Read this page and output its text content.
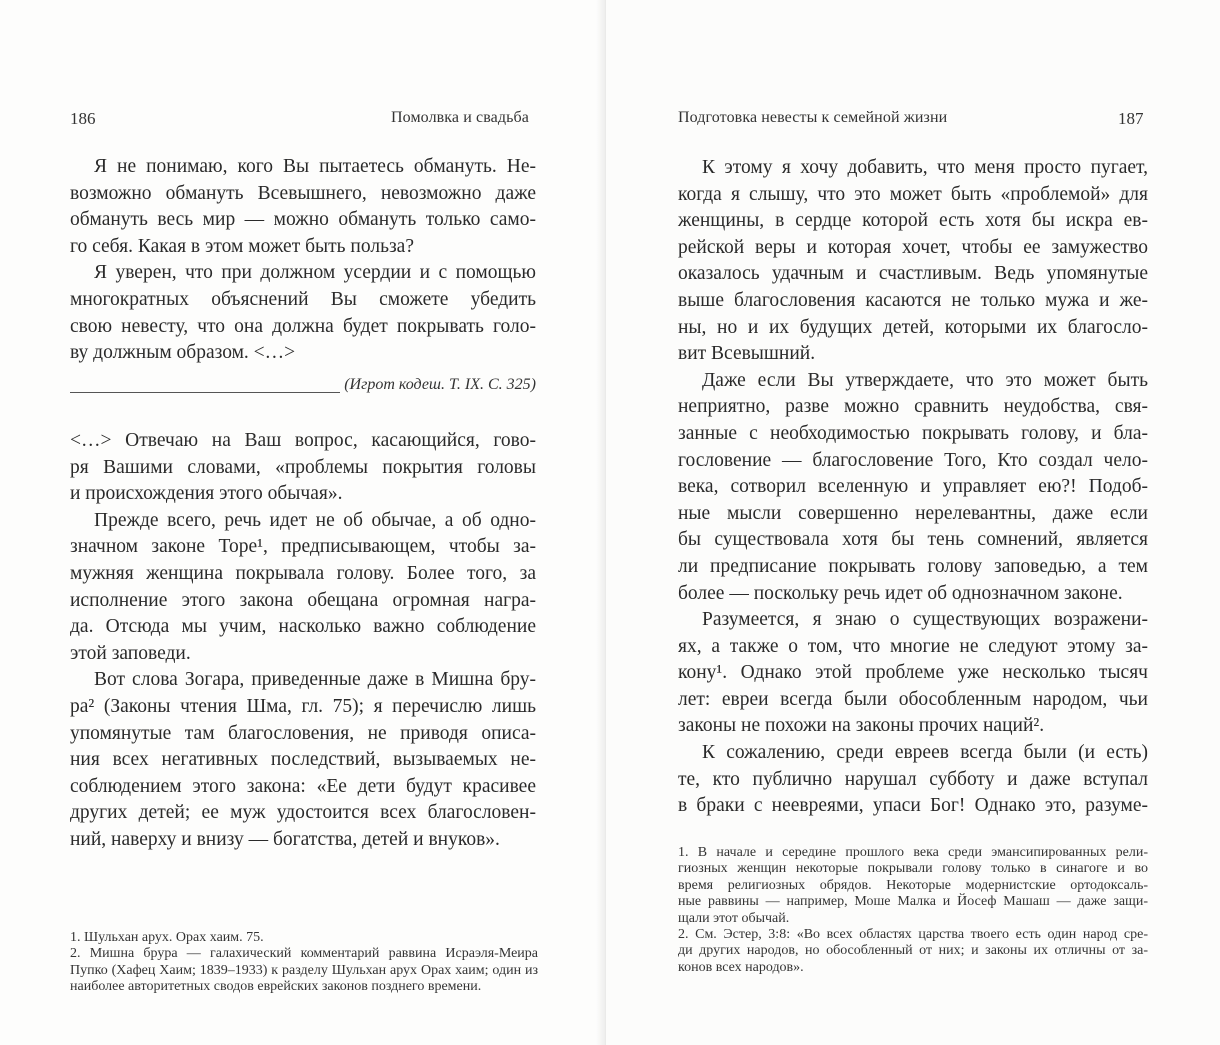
186	Помолвка и свадьба
Я не понимаю, кого Вы пытаетесь обмануть. Не-
возможно обмануть Всевышнего, невозможно даже
обмануть весь мир — можно обмануть только само-
го себя. Какая в этом может быть польза?
Я уверен, что при должном усердии и с помощью
многократных объяснений Вы сможете убедить
свою невесту, что она должна будет покрывать голо-
ву должным образом. <…>
(Игрот кодеш. Т. IX. С. 325)
<…> Отвечаю на Ваш вопрос, касающийся, гово-
ря Вашими словами, «проблемы покрытия головы
и происхождения этого обычая».
Прежде всего, речь идет не об обычае, а об одно-
значном законе Торе¹, предписывающем, чтобы за-
мужняя женщина покрывала голову. Более того, за
исполнение этого закона обещана огромная награ-
да. Отсюда мы учим, насколько важно соблюдение
этой заповеди.
Вот слова Зогара, приведенные даже в Мишна бру-
ра² (Законы чтения Шма, гл. 75); я перечислю лишь
упомянутые там благословения, не приводя описа-
ния всех негативных последствий, вызываемых не-
соблюдением этого закона: «Ее дети будут красивее
других детей; ее муж удостоится всех благословен-
ний, наверху и внизу — богатства, детей и внуков».
1. Шульхан арух. Орах хаим. 75.
2. Мишна брура — галахический комментарий раввина Исраэля-Меира
Пупко (Хафец Хаим; 1839–1933) к разделу Шульхан арух Орах хаим; один из
наиболее авторитетных сводов еврейских законов позднего времени.
Подготовка невесты к семейной жизни	187
К этому я хочу добавить, что меня просто пугает,
когда я слышу, что это может быть «проблемой» для
женщины, в сердце которой есть хотя бы искра ев-
рейской веры и которая хочет, чтобы ее замужество
оказалось удачным и счастливым. Ведь упомянутые
выше благословения касаются не только мужа и же-
ны, но и их будущих детей, которыми их благосло-
вит Всевышний.
Даже если Вы утверждаете, что это может быть
неприятно, разве можно сравнить неудобства, свя-
занные с необходимостью покрывать голову, и бла-
гословение — благословение Того, Кто создал чело-
века, сотворил вселенную и управляет ею?! Подоб-
ные мысли совершенно нерелевантны, даже если
бы существовала хотя бы тень сомнений, является
ли предписание покрывать голову заповедью, а тем
более — поскольку речь идет об однозначном законе.
Разумеется, я знаю о существующих возражени-
ях, а также о том, что многие не следуют этому за-
кону¹. Однако этой проблеме уже несколько тысяч
лет: евреи всегда были обособленным народом, чьи
законы не похожи на законы прочих наций².
К сожалению, среди евреев всегда были (и есть)
те, кто публично нарушал субботу и даже вступал
в браки с неевреями, упаси Бог! Однако это, разуме-
1. В начале и середине прошлого века среди эмансипированных рели-
гиозных женщин некоторые покрывали голову только в синагоге и во
время религиозных обрядов. Некоторые модернистские ортодоксаль-
ные раввины — например, Моше Малка и Йосеф Машаш — даже защи-
щали этот обычай.
2. См. Эстер, 3:8: «Во всех областях царства твоего есть один народ сре-
ди других народов, но обособленный от них; и законы их отличны от за-
конов всех народов».
